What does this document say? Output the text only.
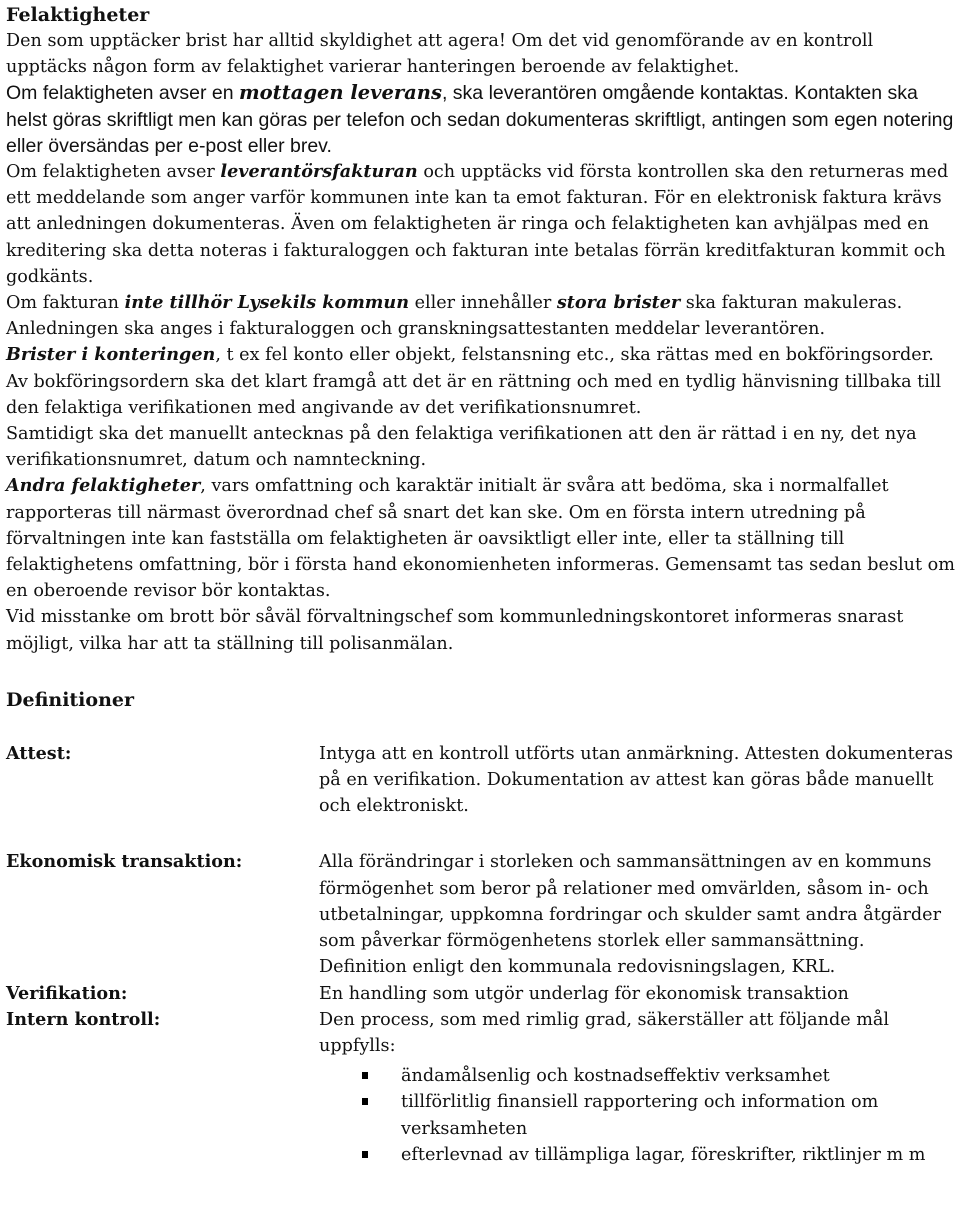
Felaktigheter

Den som upptäcker brist har alltid skyldighet att agera! Om det vid genomförande av en kontroll upptäcks någon form av felaktighet varierar hanteringen beroende av felaktighet.

Om felaktigheten avser en mottagen leverans, ska leverantören omgående kontaktas. Kontakten ska helst göras skriftligt men kan göras per telefon och sedan dokumenteras skriftligt, antingen som egen notering eller översändas per e-post eller brev.

Om felaktigheten avser leverantörsfakturan och upptäcks vid första kontrollen ska den returneras med ett meddelande som anger varför kommunen inte kan ta emot fakturan. För en elektronisk faktura krävs att anledningen dokumenteras. Även om felaktigheten är ringa och felaktigheten kan avhjälpas med en kreditering ska detta noteras i fakturaloggen och fakturan inte betalas förrän kreditfakturan kommit och godkänts.

Om fakturan inte tillhör Lysekils kommun eller innehåller stora brister ska fakturan makuleras. Anledningen ska anges i fakturaloggen och granskningsattestanten meddelar leverantören.

Brister i konteringen, t ex fel konto eller objekt, felstansning etc., ska rättas med en bokföringsorder. Av bokföringsordern ska det klart framgå att det är en rättning och med en tydlig hänvisning tillbaka till den felaktiga verifikationen med angivande av det verifikationsnumret.

Samtidigt ska det manuellt antecknas på den felaktiga verifikationen att den är rättad i en ny, det nya verifikationsnumret, datum och namnteckning.

Andra felaktigheter, vars omfattning och karaktär initialt är svåra att bedöma, ska i normalfallet rapporteras till närmast överordnad chef så snart det kan ske. Om en första intern utredning på förvaltningen inte kan fastställa om felaktigheten är oavsiktligt eller inte, eller ta ställning till felaktighetens omfattning, bör i första hand ekonomienheten informeras. Gemensamt tas sedan beslut om en oberoende revisor bör kontaktas.

Vid misstanke om brott bör såväl förvaltningschef som kommunledningskontoret informeras snarast möjligt, vilka har att ta ställning till polisanmälan.

Definitioner
Attest:	Intyga att en kontroll utförts utan anmärkning. Attesten dokumenteras på en verifikation. Dokumentation av attest kan göras både manuellt och elektroniskt.
Ekonomisk transaktion:	Alla förändringar i storleken och sammansättningen av en kommuns förmögenhet som beror på relationer med omvärlden, såsom in- och utbetalningar, uppkomna fordringar och skulder samt andra åtgärder som påverkar förmögenhetens storlek eller sammansättning. Definition enligt den kommunala redovisningslagen, KRL.
Verifikation:	En handling som utgör underlag för ekonomisk transaktion
Intern kontroll:	Den process, som med rimlig grad, säkerställer att följande mål uppfylls:
ändamålsenlig och kostnadseffektiv verksamhet
tillförlitlig finansiell rapportering och information om verksamheten
efterlevnad av tillämpliga lagar, föreskrifter, riktlinjer m m
